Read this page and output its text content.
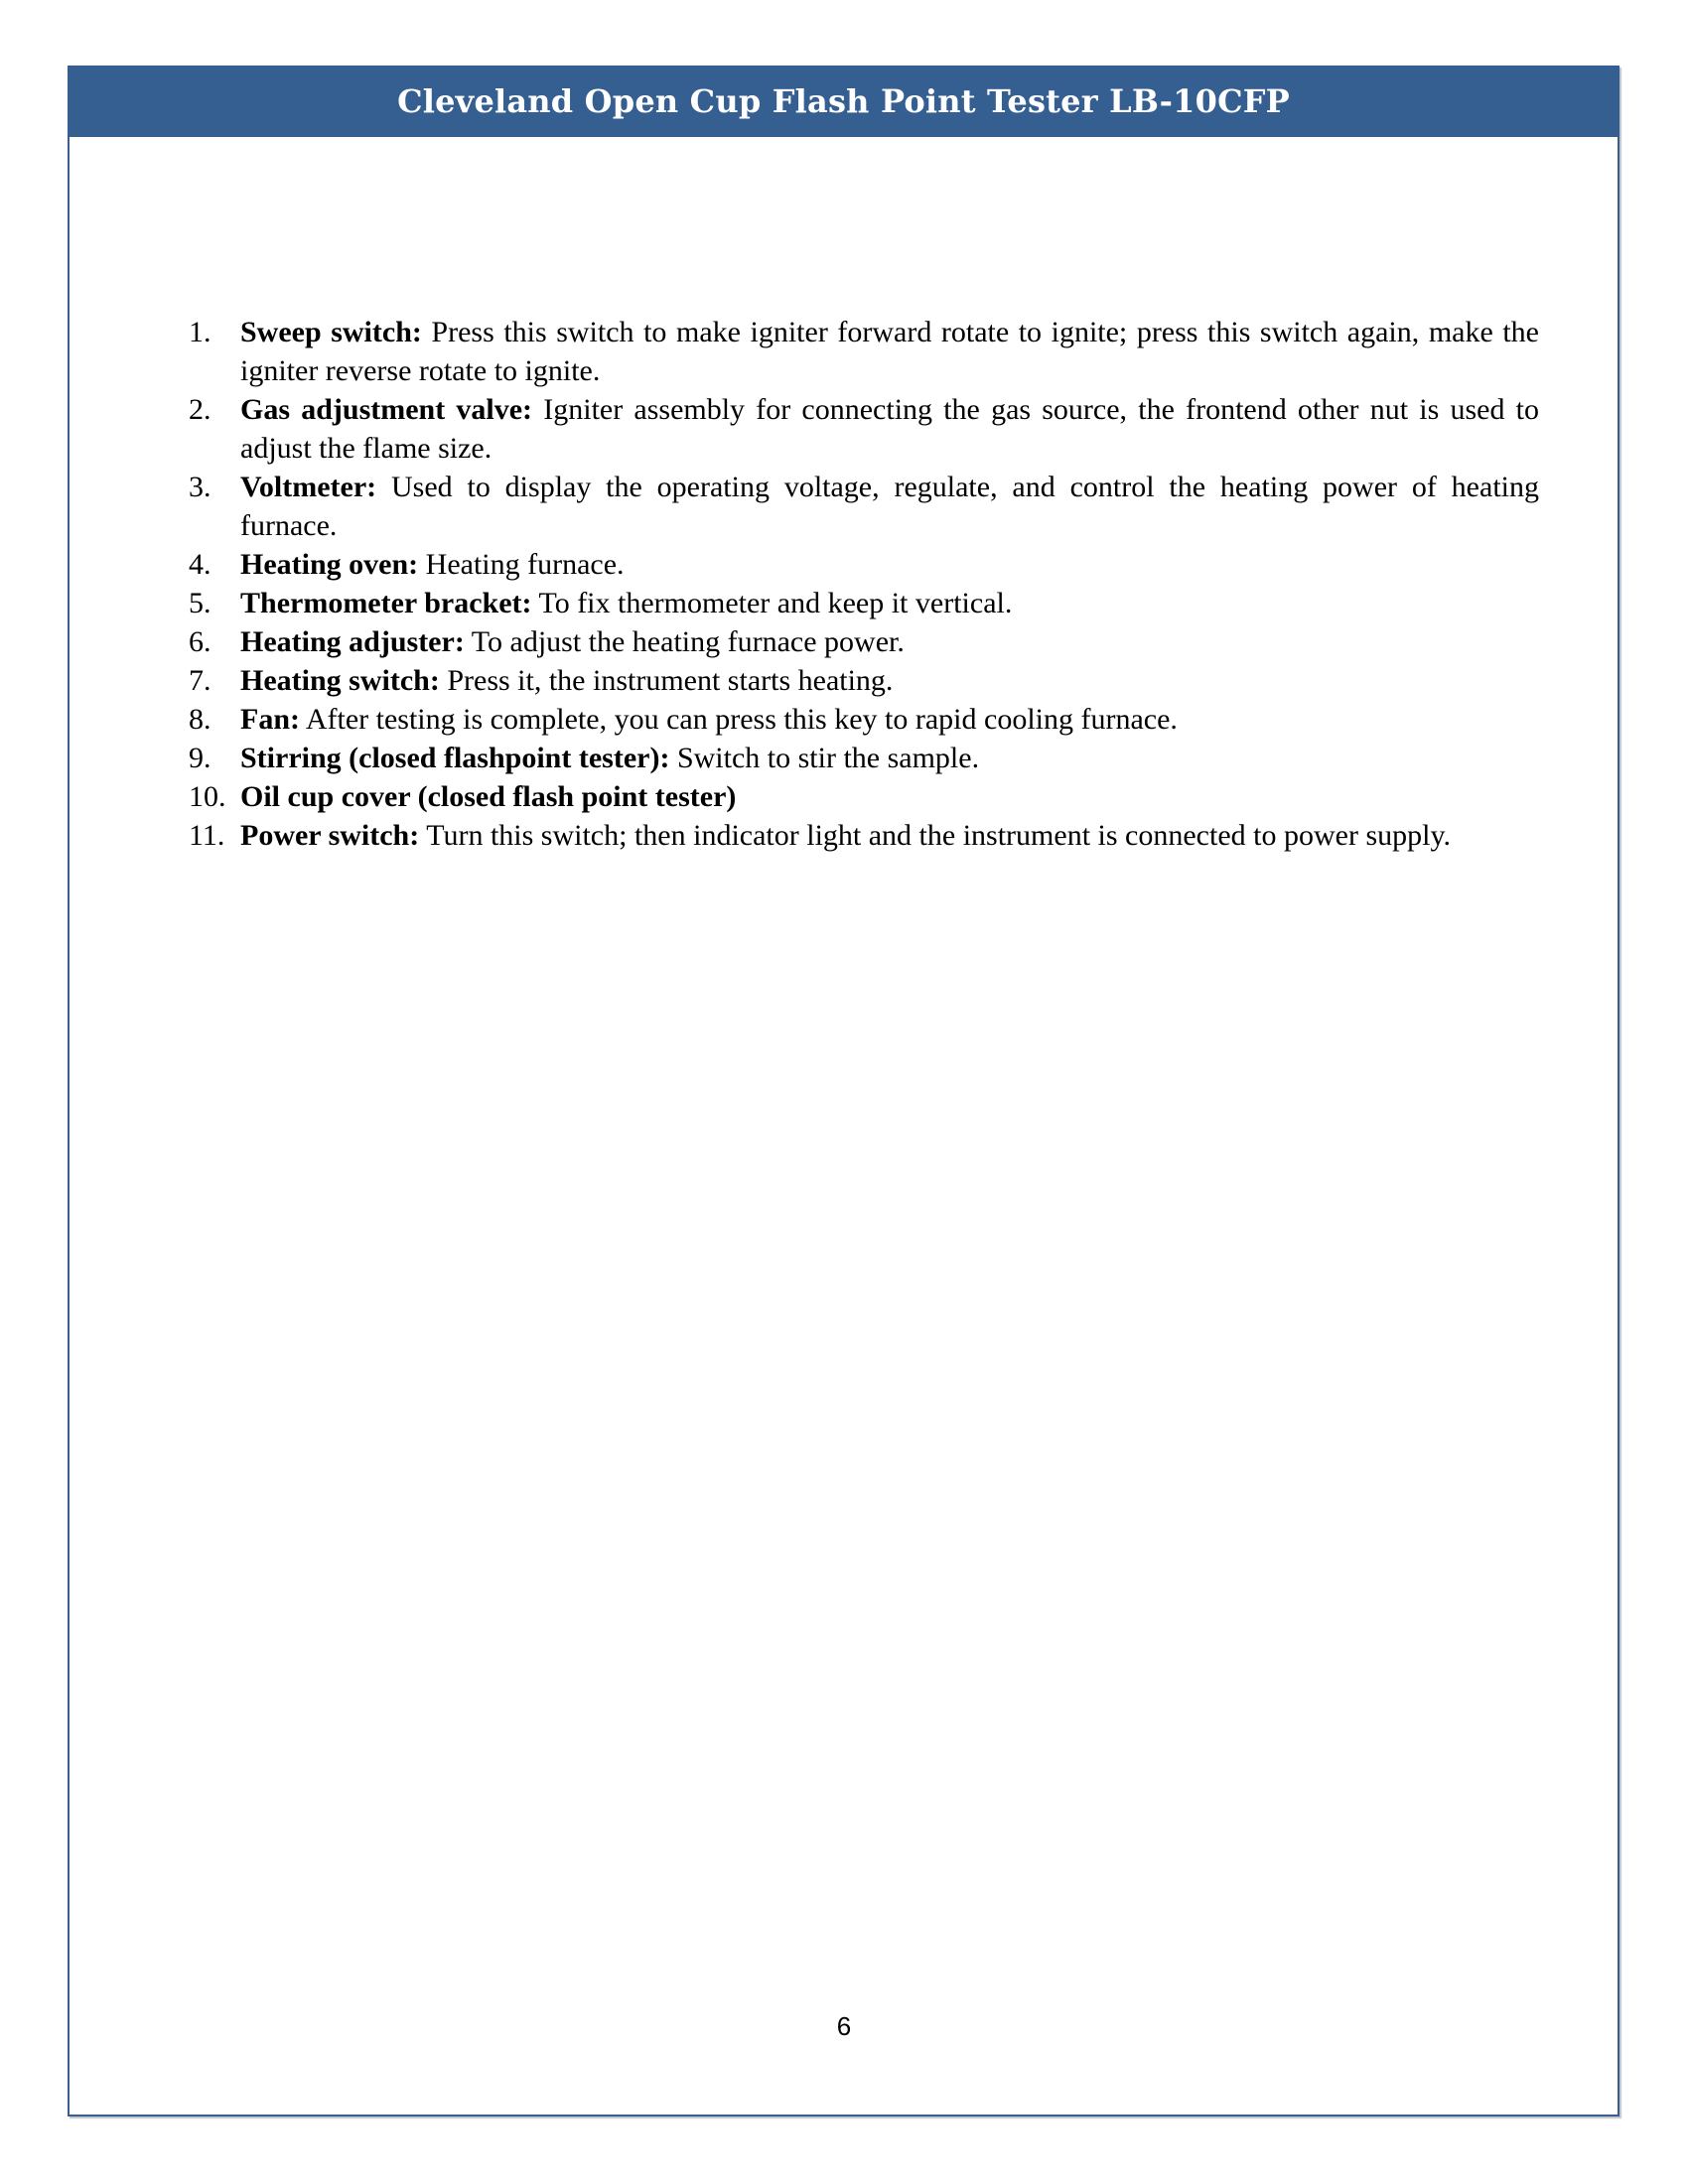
Cleveland Open Cup Flash Point Tester LB-10CFP
1. Sweep switch: Press this switch to make igniter forward rotate to ignite; press this switch again, make the igniter reverse rotate to ignite.
2. Gas adjustment valve: Igniter assembly for connecting the gas source, the frontend other nut is used to adjust the flame size.
3. Voltmeter: Used to display the operating voltage, regulate, and control the heating power of heating furnace.
4. Heating oven: Heating furnace.
5. Thermometer bracket: To fix thermometer and keep it vertical.
6. Heating adjuster: To adjust the heating furnace power.
7. Heating switch: Press it, the instrument starts heating.
8. Fan: After testing is complete, you can press this key to rapid cooling furnace.
9. Stirring (closed flashpoint tester): Switch to stir the sample.
10. Oil cup cover (closed flash point tester)
11. Power switch: Turn this switch; then indicator light and the instrument is connected to power supply.
6
